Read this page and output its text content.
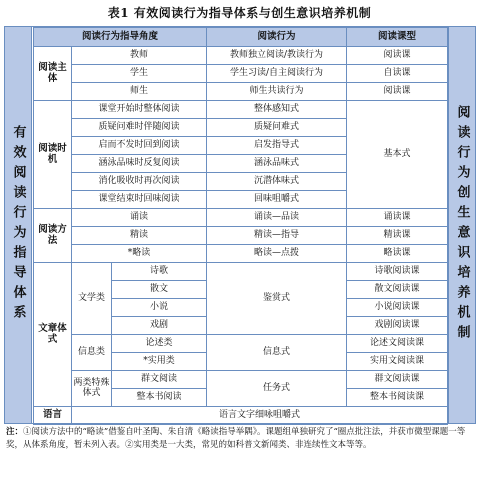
表1 有效阅读行为指导体系与创生意识培养机制
有效阅读行为指导体系
阅读行为指导角度			阅读行为	阅读课型
阅读主体	教师		教师独立阅读/教读行为	阅读课
	学生		学生习读/自主阅读行为	自读课
	师生		师生共读行为	阅读课
阅读时机	课堂开始时整体阅读		整体感知式	基本式
	质疑问难时伴随阅读		质疑问难式	
	启而不发时回到阅读		启发指导式	
	涵泳品味时反复阅读		涵泳品味式	
	消化吸收时再次阅读		沉潜体味式	
	课堂结束时回味阅读		回味咀嚼式	
阅读方法	诵读		诵读—品读	诵读课
	精读		精读—指导	精读课
	*略读		略读—点拨	略读课
文章体式	文学类	诗歌	鉴赏式	诗歌阅读课
		散文		散文阅读课
		小说		小说阅读课
		戏剧		戏剧阅读课
	信息类	论述类	信息式	论述文阅读课
		*实用类		实用文阅读课
	两类特殊体式	群文阅读	任务式	群文阅读课
		整本书阅读		整本书阅读课
语言	语言文字细咏咀嚼式			
阅读行为创生意识培养机制
注：①阅读方法中的“略读”借鉴自叶圣陶、朱自清《略读指导举隅》。课题组单独研究了“圈点批注法，并获市微型课题一等奖，从体系角度，暂未列入表。②实用类是一大类，常见的如科普文新闻类、非连续性文本等等。
